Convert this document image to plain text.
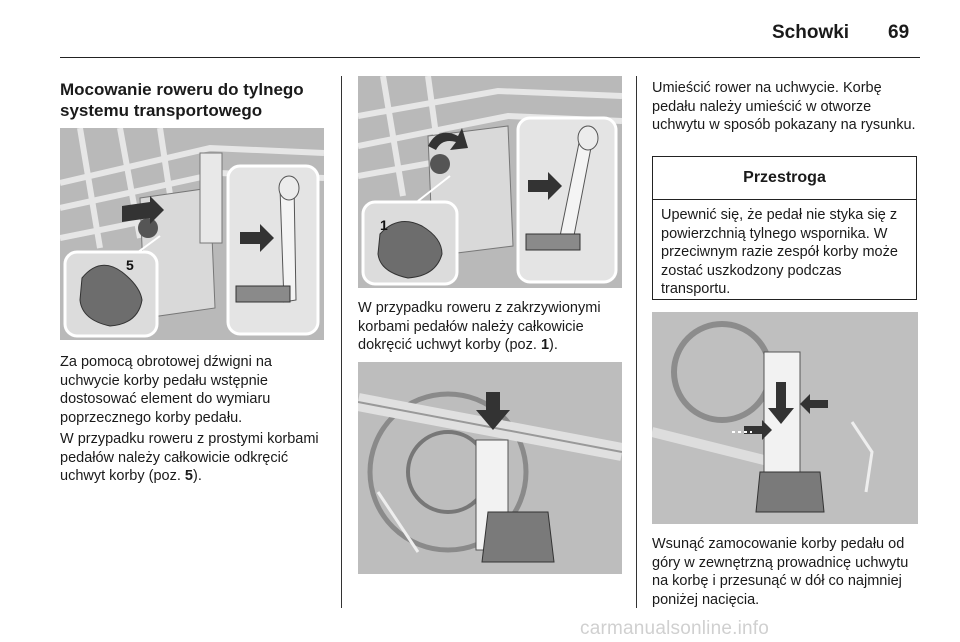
Schowki 69
Mocowanie roweru do tylnego systemu transportowego
5
Za pomocą obrotowej dźwigni na uchwycie korby pedału wstępnie dostosować element do wymiaru poprzecznego korby pedału.
W przypadku roweru z prostymi korbami pedałów należy całkowicie odkręcić uchwyt korby (poz. 5).
1
W przypadku roweru z zakrzywionymi korbami pedałów należy całkowicie dokręcić uchwyt korby (poz. 1).
Umieścić rower na uchwycie. Korbę pedału należy umieścić w otworze uchwytu w sposób pokazany na rysunku.
Przestroga
Upewnić się, że pedał nie styka się z powierzchnią tylnego wspornika. W przeciwnym razie zespół korby może zostać uszkodzony podczas transportu.
Wsunąć zamocowanie korby pedału od góry w zewnętrzną prowadnicę uchwytu na korbę i przesunąć w dół co najmniej poniżej nacięcia.
carmanualsonline.info
